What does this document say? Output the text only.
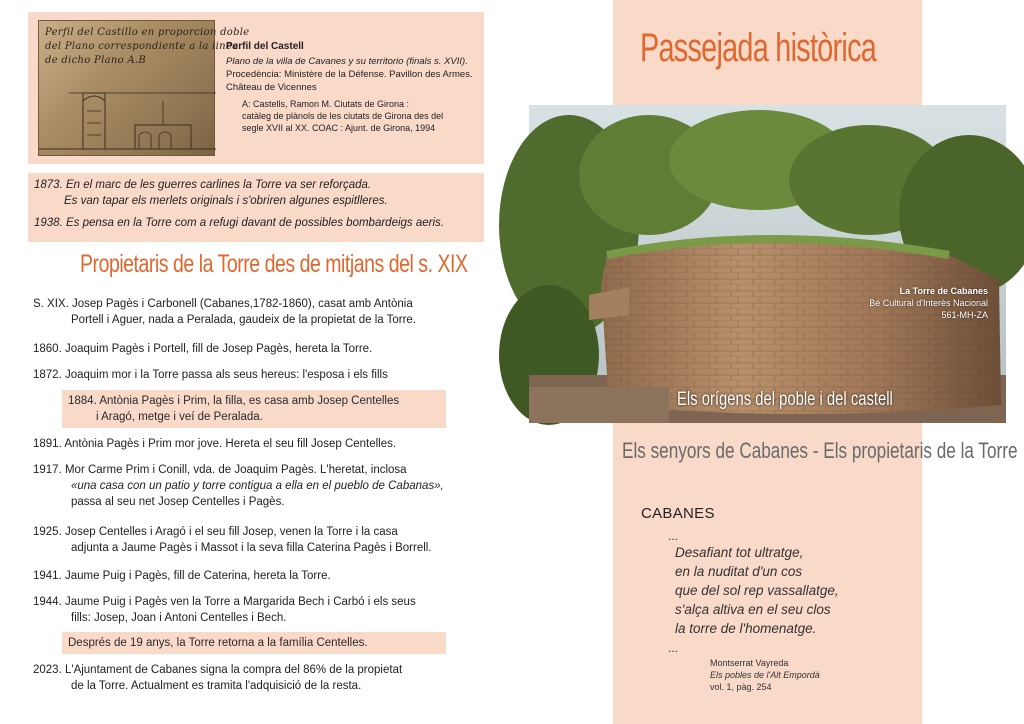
Perfil del Castillo en proporcion doble
del Plano correspondiente a la linea
de dicho Plano A.B
Perfil del Castell
Plano de la villa de Cavanes y su territorio (finals s. XVII).
Procedència: Ministère de la Défense. Pavillon des Armes.
Château de Vicennes
A: Castells, Ramon M. Ciutats de Girona :
catàleg de plànols de les ciutats de Girona des del
segle XVII al XX. COAC : Ajunt. de Girona, 1994
1873. En el marc de les guerres carlines la Torre va ser reforçada.
Es van tapar els merlets originals i s'obriren algunes espitlleres.
1938. Es pensa en la Torre com a refugi davant de possibles bombardeigs aeris.
Propietaris de la Torre des de mitjans del s. XIX
S. XIX. Josep Pagès i Carbonell (Cabanes,1782-1860), casat amb Antònia
Portell i Aguer, nada a Peralada, gaudeix de la propietat de la Torre.
1860. Joaquim Pagès i Portell, fill de Josep Pagès, hereta la Torre.
1872. Joaquim mor i la Torre passa als seus hereus: l'esposa i els fills
1891. Antònia Pagès i Prim mor jove. Hereta el seu fill Josep Centelles.
1917. Mor Carme Prim i Conill, vda. de Joaquim Pagès. L'heretat, inclosa
«una casa con un patio y torre contigua a ella en el pueblo de Cabanas»,
passa al seu net Josep Centelles i Pagès.
1925. Josep Centelles i Aragó i el seu fill Josep, venen la Torre i la casa
adjunta a Jaume Pagès i Massot i la seva filla Caterina Pagès i Borrell.
1941. Jaume Puig i Pagès, fill de Caterina, hereta la Torre.
1944. Jaume Puig i Pagès ven la Torre a Margarida Bech i Carbó i els seus
fills: Josep, Joan i Antoni Centelles i Bech.
2023. L'Ajuntament de Cabanes signa la compra del 86% de la propietat
de la Torre. Actualment es tramita l'adquisició de la resta.
1884. Antònia Pagès i Prim, la filla, es casa amb Josep Centelles
i Aragó, metge i veí de Peralada.
Després de 19 anys, la Torre retorna a la família Centelles.
Passejada històrica
La Torre de Cabanes
Bé Cultural d'Interès Nacional
561-MH-ZA
Els orígens del poble i del castell
Els senyors de Cabanes - Els propietaris de la Torre
CABANES
...
Desafiant tot ultratge,
en la nuditat d'un cos
que del sol rep vassallatge,
s'alça altiva en el seu clos
la torre de l'homenatge.
...
Montserrat Vayreda
Els pobles de l'Alt Empordà
vol. 1, pàg. 254
